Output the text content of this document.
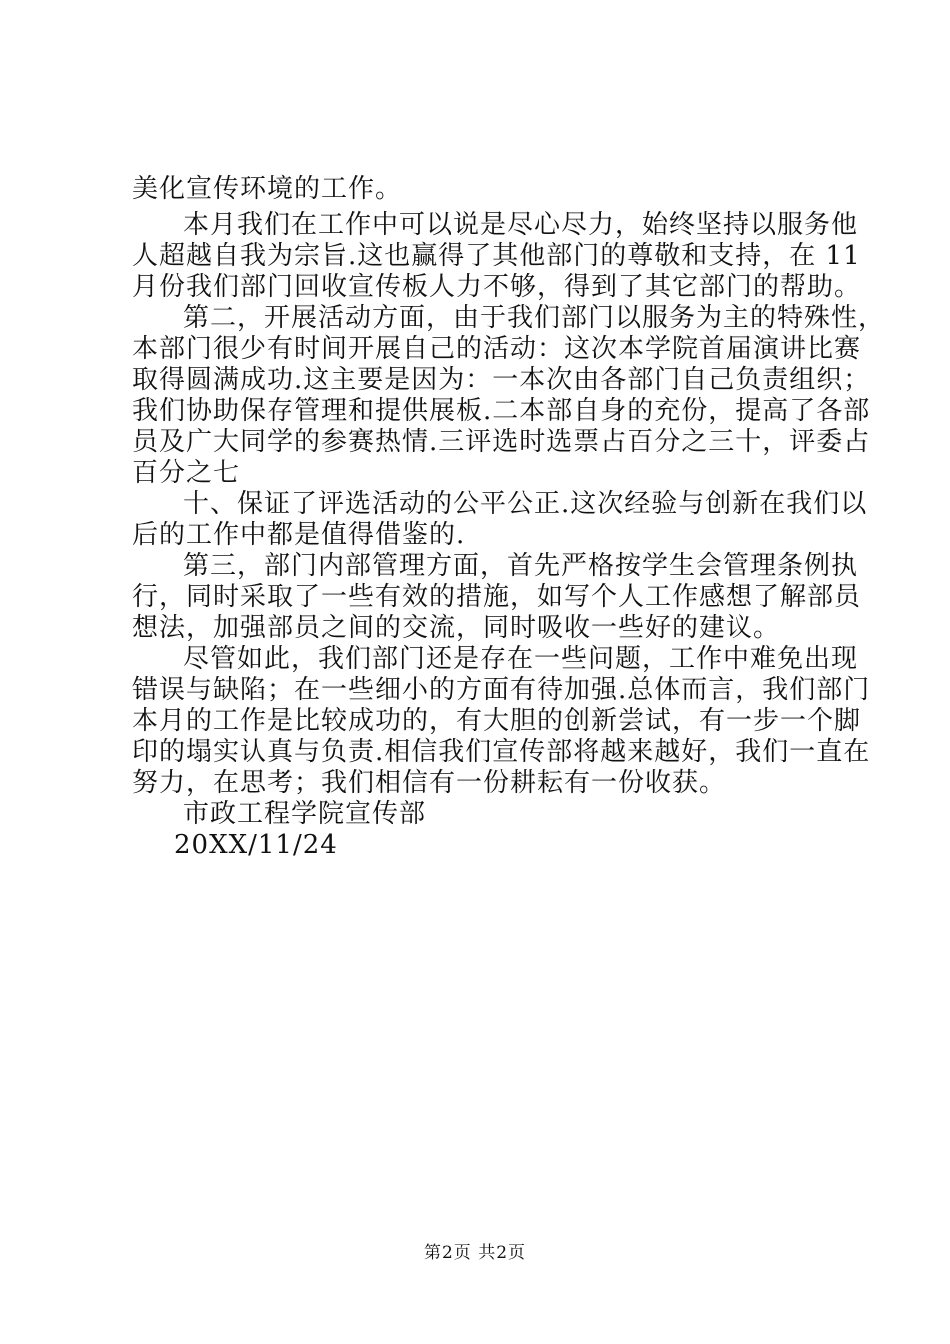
美化宣传环境的工作。
本月我们在工作中可以说是尽心尽力，始终坚持以服务他
人超越自我为宗旨.这也赢得了其他部门的尊敬和支持，在 11
月份我们部门回收宣传板人力不够，得到了其它部门的帮助。
第二，开展活动方面，由于我们部门以服务为主的特殊性，
本部门很少有时间开展自己的活动：这次本学院首届演讲比赛
取得圆满成功.这主要是因为：一本次由各部门自己负责组织；
我们协助保存管理和提供展板.二本部自身的充份，提高了各部
员及广大同学的参赛热情.三评选时选票占百分之三十，评委占
百分之七
十、保证了评选活动的公平公正.这次经验与创新在我们以
后的工作中都是值得借鉴的.
第三，部门内部管理方面，首先严格按学生会管理条例执
行，同时采取了一些有效的措施，如写个人工作感想了解部员
想法，加强部员之间的交流，同时吸收一些好的建议。
尽管如此，我们部门还是存在一些问题，工作中难免出现
错误与缺陷；在一些细小的方面有待加强.总体而言，我们部门
本月的工作是比较成功的，有大胆的创新尝试，有一步一个脚
印的塌实认真与负责.相信我们宣传部将越来越好，我们一直在
努力，在思考；我们相信有一份耕耘有一份收获。
市政工程学院宣传部
20XX/11/24
第2页 共2页
